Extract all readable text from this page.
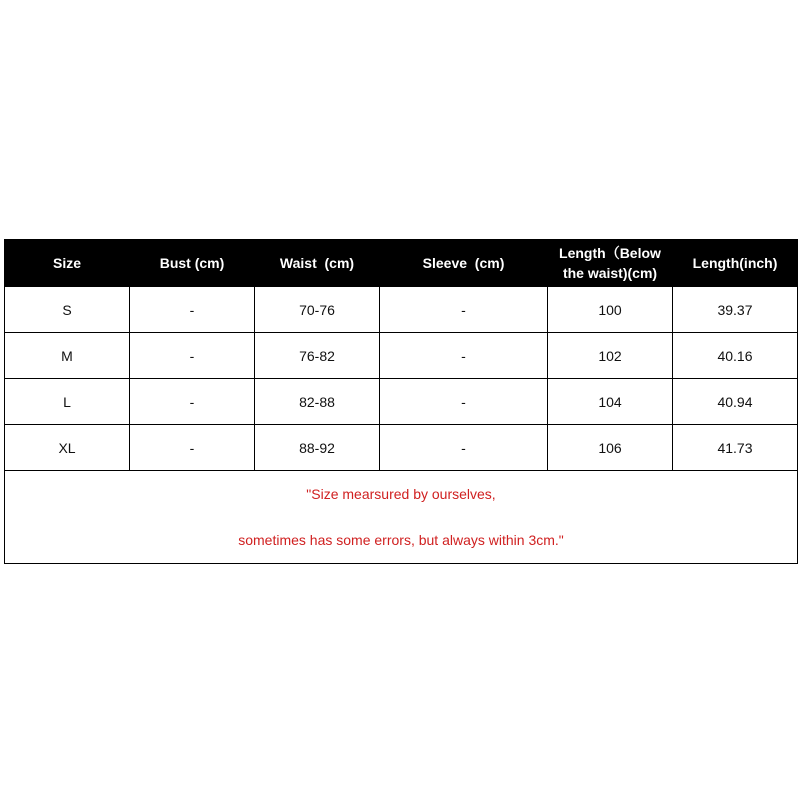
Size	Bust (cm)	Waist  (cm)	Sleeve  (cm)	Length（Below the waist)(cm)	Length(inch)
S	-	70-76	-	100	39.37
M	-	76-82	-	102	40.16
L	-	82-88	-	104	40.94
XL	-	88-92	-	106	41.73

"Size mearsured by ourselves,
sometimes has some errors, but always within 3cm."					
